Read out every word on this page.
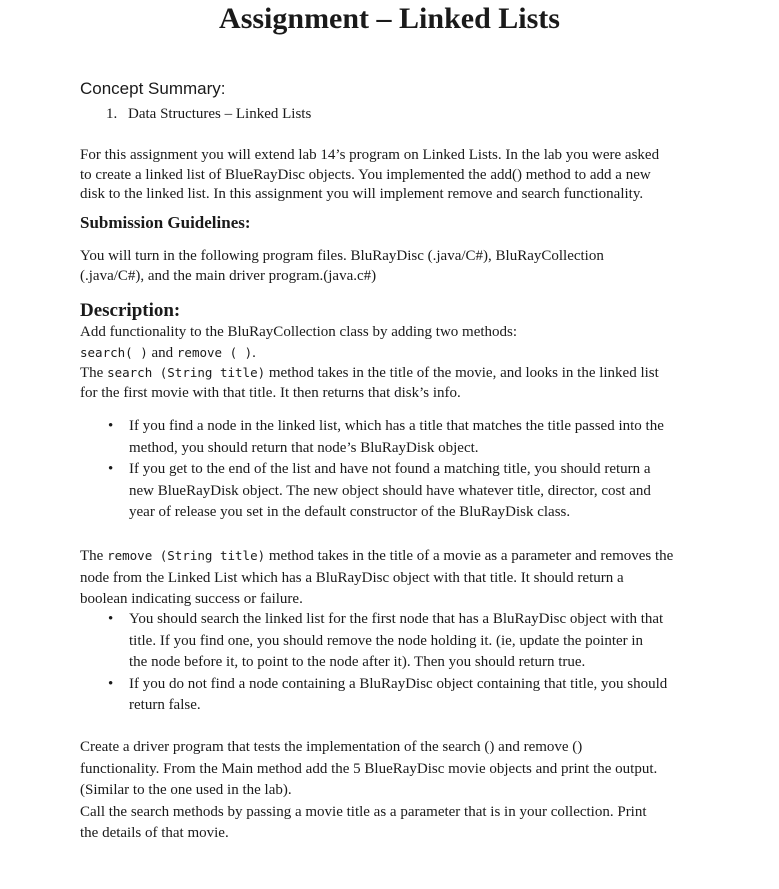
Assignment – Linked Lists
Concept Summary:
1. Data Structures – Linked Lists
For this assignment you will extend lab 14’s program on Linked Lists. In the lab you were asked
to create a linked list of BlueRayDisc objects. You implemented the add() method to add a new
disk to the linked list. In this assignment you will implement remove and search functionality.
Submission Guidelines:
You will turn in the following program files. BluRayDisc (.java/C#), BluRayCollection
(.java/C#), and the main driver program.(java.c#)
Description:
Add functionality to the BluRayCollection class by adding two methods:
search( ) and remove ( ).
The search (String title) method takes in the title of the movie, and looks in the linked list
for the first movie with that title. It then returns that disk’s info.
• If you find a node in the linked list, which has a title that matches the title passed into the
method, you should return that node’s BluRayDisk object.
• If you get to the end of the list and have not found a matching title, you should return a
new BlueRayDisk object. The new object should have whatever title, director, cost and
year of release you set in the default constructor of the BluRayDisk class.
The remove (String title) method takes in the title of a movie as a parameter and removes the
node from the Linked List which has a BluRayDisc object with that title. It should return a
boolean indicating success or failure.
• You should search the linked list for the first node that has a BluRayDisc object with that
title. If you find one, you should remove the node holding it. (ie, update the pointer in
the node before it, to point to the node after it). Then you should return true.
• If you do not find a node containing a BluRayDisc object containing that title, you should
return false.
Create a driver program that tests the implementation of the search () and remove ()
functionality. From the Main method add the 5 BlueRayDisc movie objects and print the output.
(Similar to the one used in the lab).
Call the search methods by passing a movie title as a parameter that is in your collection. Print
the details of that movie.
